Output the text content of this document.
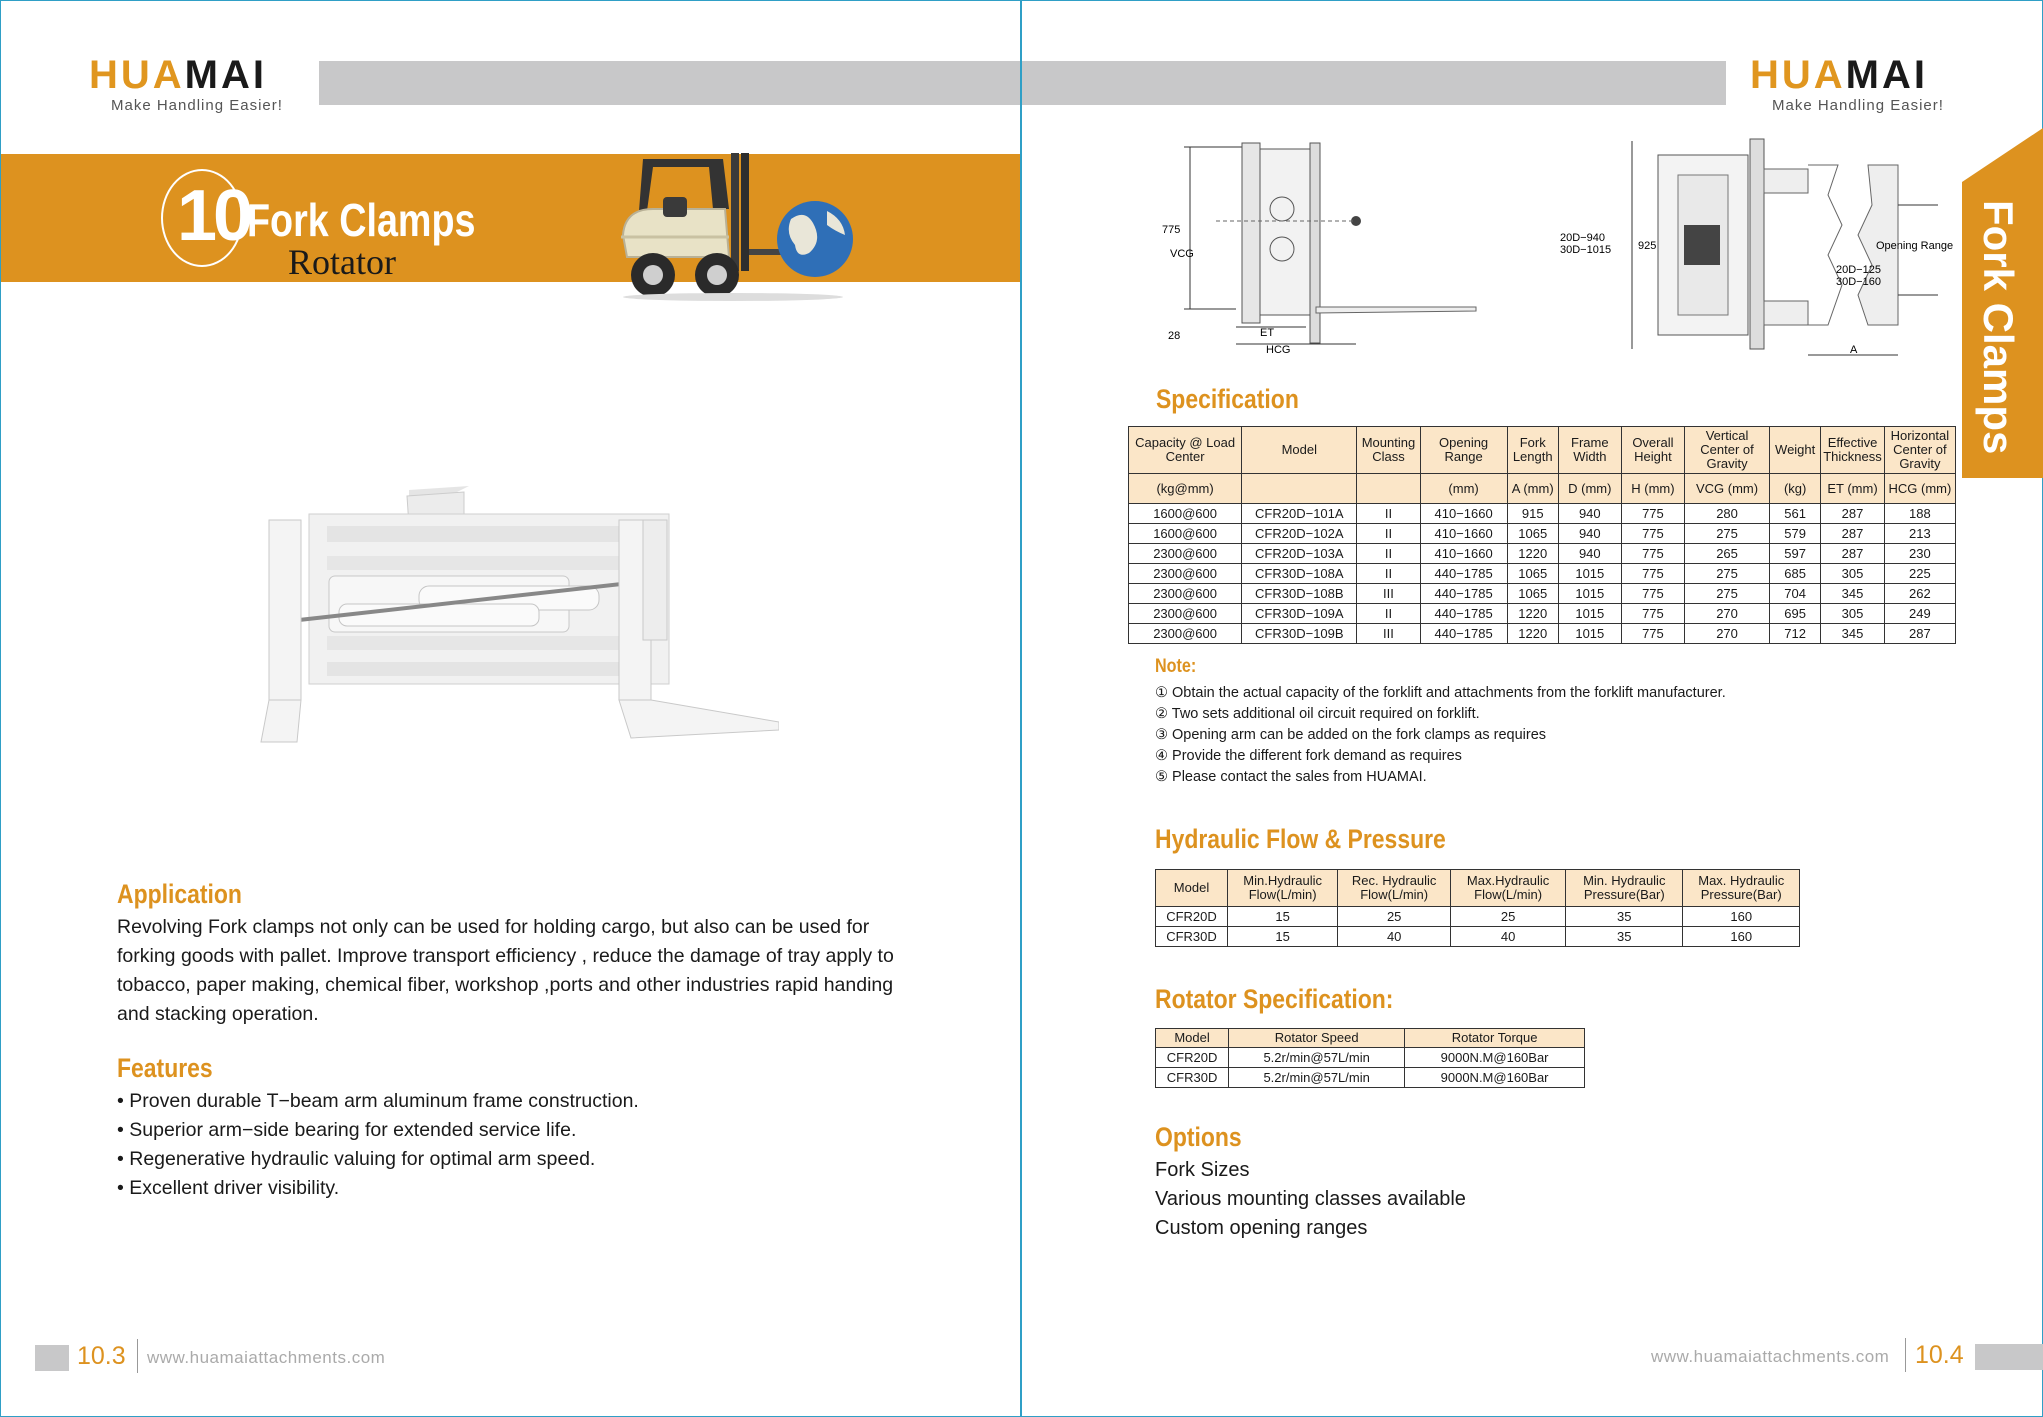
HUAMAI
Make Handling Easier!
10
Fork Clamps
Rotator
Application
Revolving Fork clamps not only can be used for holding cargo, but also can be used for forking goods with pallet. Improve transport efficiency , reduce the damage of tray apply to tobacco, paper making, chemical fiber, workshop ,ports and other industries rapid handing and stacking operation.
Features
• Proven durable T−beam arm aluminum frame construction.
• Superior arm−side bearing for extended service life.
• Regenerative hydraulic valuing for optimal arm speed.
• Excellent driver visibility.
10.3 www.huamaiattachments.com
HUAMAI
Make Handling Easier!
775
VCG
28	ET
HCG
20D−940
30D−1015 925	Opening Range
20D−125
30D−160
A
Specification	Fork Clamps
Capacity @ Load Center	Model	Mounting Class	Opening Range	Fork Length	Frame Width	Overall Height	Vertical Center of Gravity	Weight	Effective Thickness	Horizontal Center of Gravity
(kg@mm)			(mm)	A (mm)	D (mm)	H (mm)	VCG (mm)	(kg)	ET (mm)	HCG (mm)
1600@600	CFR20D−101A	II	410−1660	915	940	775	280	561	287	188
1600@600	CFR20D−102A	II	410−1660	1065	940	775	275	579	287	213
2300@600	CFR20D−103A	II	410−1660	1220	940	775	265	597	287	230
2300@600	CFR30D−108A	II	440−1785	1065	1015	775	275	685	305	225
2300@600	CFR30D−108B	III	440−1785	1065	1015	775	275	704	345	262
2300@600	CFR30D−109A	II	440−1785	1220	1015	775	270	695	305	249
2300@600	CFR30D−109B	III	440−1785	1220	1015	775	270	712	345	287
Note:
① Obtain the actual capacity of the forklift and attachments from the forklift manufacturer.
② Two sets additional oil circuit required on forklift.
③ Opening arm can be added on the fork clamps as requires
④ Provide the different fork demand as requires
⑤ Please contact the sales from HUAMAI.
Hydraulic Flow & Pressure
Model	Min.Hydraulic Flow(L/min)	Rec. Hydraulic Flow(L/min)	Max.Hydraulic Flow(L/min)	Min. Hydraulic Pressure(Bar)	Max. Hydraulic Pressure(Bar)
CFR20D	15	25	25	35	160
CFR30D	15	40	40	35	160
Rotator Specification:
Model	Rotator Speed	Rotator Torque
CFR20D	5.2r/min@57L/min	9000N.M@160Bar
CFR30D	5.2r/min@57L/min	9000N.M@160Bar
Options
Fork Sizes
Various mounting classes available
Custom opening ranges
www.huamaiattachments.com 10.4
